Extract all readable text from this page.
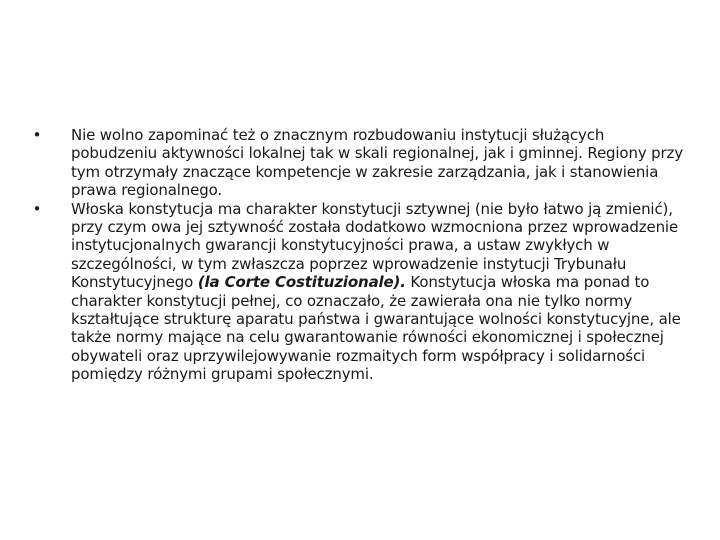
• Nie wolno zapominać też o znacznym rozbudowaniu instytucji służących pobudzeniu aktywności lokalnej tak w skali regionalnej, jak i gminnej. Regiony przy tym otrzymały znaczące kompetencje w zakresie zarządzania, jak i stanowienia prawa regionalnego.
• Włoska konstytucja ma charakter konstytucji sztywnej (nie było łatwo ją zmienić), przy czym owa jej sztywność została dodatkowo wzmocniona przez wprowadzenie instytucjonalnych gwarancji konstytucyjności prawa, a ustaw zwykłych w szczególności, w tym zwłaszcza poprzez wprowadzenie instytucji Trybunału Konstytucyjnego (la Corte Costituzionale). Konstytucja włoska ma ponad to charakter konstytucji pełnej, co oznaczało, że zawierała ona nie tylko normy kształtujące strukturę aparatu państwa i gwarantujące wolności konstytucyjne, ale także normy mające na celu gwarantowanie równości ekonomicznej i społecznej obywateli oraz uprzywilejowywanie rozmaitych form współpracy i solidarności pomiędzy różnymi grupami społecznymi.
